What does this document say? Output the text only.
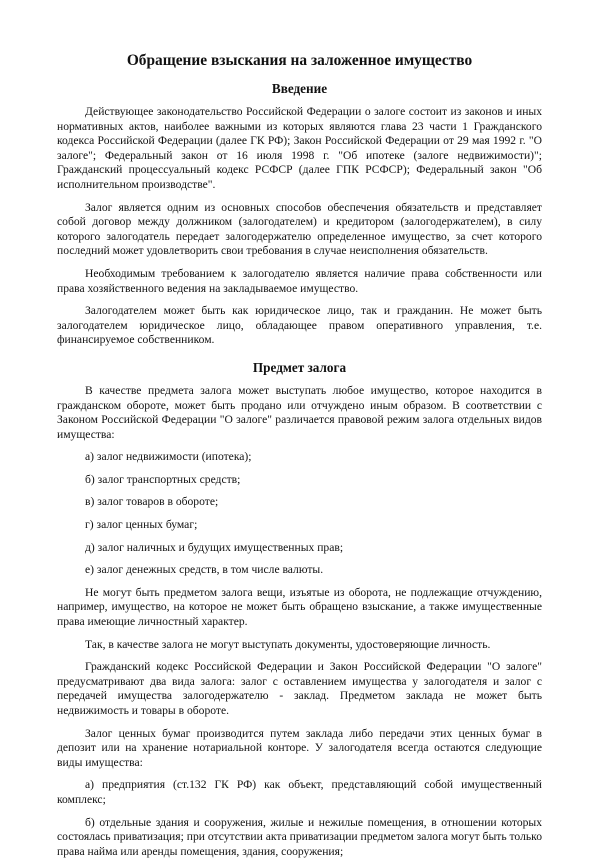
Обращение взыскания на заложенное имущество
Введение

Действующее законодательство Российской Федерации о залоге состоит из законов и иных нормативных актов, наиболее важными из которых являются глава 23 части 1 Гражданского кодекса Российской Федерации (далее ГК РФ); Закон Российской Федерации от 29 мая 1992 г. "О залоге"; Федеральный закон от 16 июля 1998 г. "Об ипотеке (залоге недвижимости)"; Гражданский процессуальный кодекс РСФСР (далее ГПК РСФСР); Федеральный закон "Об исполнительном производстве".

Залог является одним из основных способов обеспечения обязательств и представляет собой договор между должником (залогодателем) и кредитором (залогодержателем), в силу которого залогодатель передает залогодержателю определенное имущество, за счет которого последний может удовлетворить свои требования в случае неисполнения обязательств.

Необходимым требованием к залогодателю является наличие права собственности или права хозяйственного ведения на закладываемое имущество.

Залогодателем может быть как юридическое лицо, так и гражданин. Не может быть залогодателем юридическое лицо, обладающее правом оперативного управления, т.е. финансируемое собственником.

Предмет залога

В качестве предмета залога может выступать любое имущество, которое находится в гражданском обороте, может быть продано или отчуждено иным образом. В соответствии с Законом Российской Федерации "О залоге" различается правовой режим залога отдельных видов имущества:

а) залог недвижимости (ипотека);

б) залог транспортных средств;

в) залог товаров в обороте;

г) залог ценных бумаг;

д) залог наличных и будущих имущественных прав;

е) залог денежных средств, в том числе валюты.

Не могут быть предметом залога вещи, изъятые из оборота, не подлежащие отчуждению, например, имущество, на которое не может быть обращено взыскание, а также имущественные права имеющие личностный характер.

Так, в качестве залога не могут выступать документы, удостоверяющие личность.

Гражданский кодекс Российской Федерации и Закон Российской Федерации "О залоге" предусматривают два вида залога: залог с оставлением имущества у залогодателя и залог с передачей имущества залогодержателю - заклад. Предметом заклада не может быть недвижимость и товары в обороте.

Залог ценных бумаг производится путем заклада либо передачи этих ценных бумаг в депозит или на хранение нотариальной конторе. У залогодателя всегда остаются следующие виды имущества:

а) предприятия (ст.132 ГК РФ) как объект, представляющий собой имущественный комплекс;

б) отдельные здания и сооружения, жилые и нежилые помещения, в отношении которых состоялась приватизация; при отсутствии акта приватизации предметом залога могут быть только права найма или аренды помещения, здания, сооружения;
